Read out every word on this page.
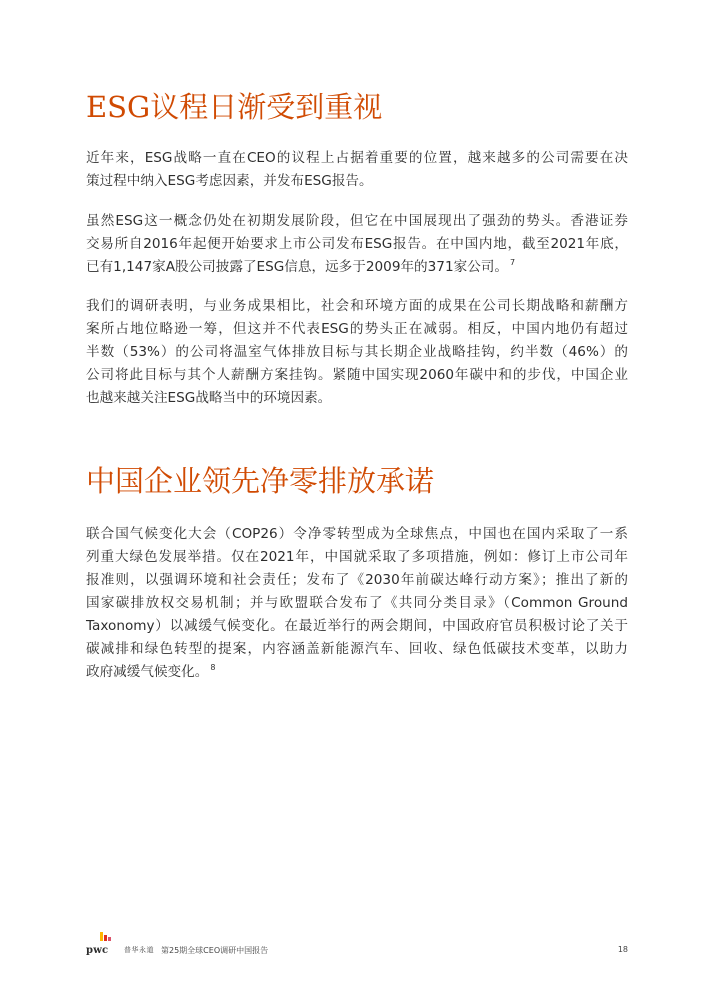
ESG议程日渐受到重视

近年来，ESG战略一直在CEO的议程上占据着重要的位置，越来越多的公司需要在决
策过程中纳入ESG考虑因素，并发布ESG报告。

虽然ESG这一概念仍处在初期发展阶段，但它在中国展现出了强劲的势头。香港证券
交易所自2016年起便开始要求上市公司发布ESG报告。在中国内地，截至2021年底，
已有1,147家A股公司披露了ESG信息，远多于2009年的371家公司。 $^7$

我们的调研表明，与业务成果相比，社会和环境方面的成果在公司长期战略和薪酬方
案所占地位略逊一筹，但这并不代表ESG的势头正在减弱。相反，中国内地仍有超过
半数（53%）的公司将温室气体排放目标与其长期企业战略挂钩，约半数（46%）的
公司将此目标与其个人薪酬方案挂钩。紧随中国实现2060年碳中和的步伐，中国企业
也越来越关注ESG战略当中的环境因素。

中国企业领先净零排放承诺

联合国气候变化大会（COP26）令净零转型成为全球焦点，中国也在国内采取了一系
列重大绿色发展举措。仅在2021年，中国就采取了多项措施，例如：修订上市公司年
报准则，以强调环境和社会责任；发布了《2030年前碳达峰行动方案》；推出了新的
国家碳排放权交易机制；并与欧盟联合发布了《共同分类目录》（Common Ground
Taxonomy）以减缓气候变化。在最近举行的两会期间，中国政府官员积极讨论了关于
碳减排和绿色转型的提案，内容涵盖新能源汽车、回收、绿色低碳技术变革，以助力
政府减缓气候变化。 $^8$

pwc 普华永道 第25期全球CEO调研中国报告	18
